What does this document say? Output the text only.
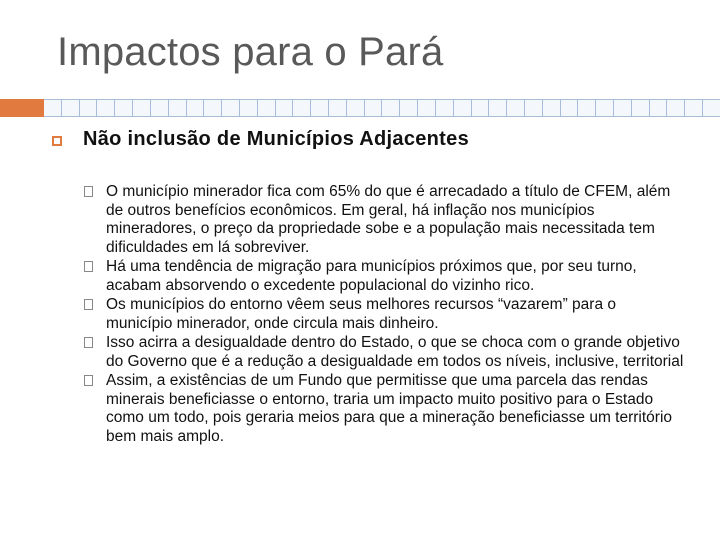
Impactos para o Pará
Não inclusão de Municípios Adjacentes
O município minerador fica com 65% do que é arrecadado a título de CFEM, além de outros benefícios econômicos. Em geral, há inflação nos municípios mineradores, o preço da propriedade sobe e a população mais necessitada tem dificuldades em lá sobreviver.
Há uma tendência de migração para municípios próximos que, por seu turno, acabam absorvendo o excedente populacional do vizinho rico.
Os municípios do entorno vêem seus melhores recursos “vazarem” para o município minerador, onde circula mais dinheiro.
Isso acirra a desigualdade dentro do Estado, o que se choca com o grande objetivo do Governo que é a redução a desigualdade em todos os níveis, inclusive, territorial
Assim, a existências de um Fundo que permitisse que uma parcela das rendas minerais beneficiasse o entorno, traria um impacto muito positivo para o Estado como um todo, pois geraria meios para que a mineração beneficiasse um território bem mais amplo.
